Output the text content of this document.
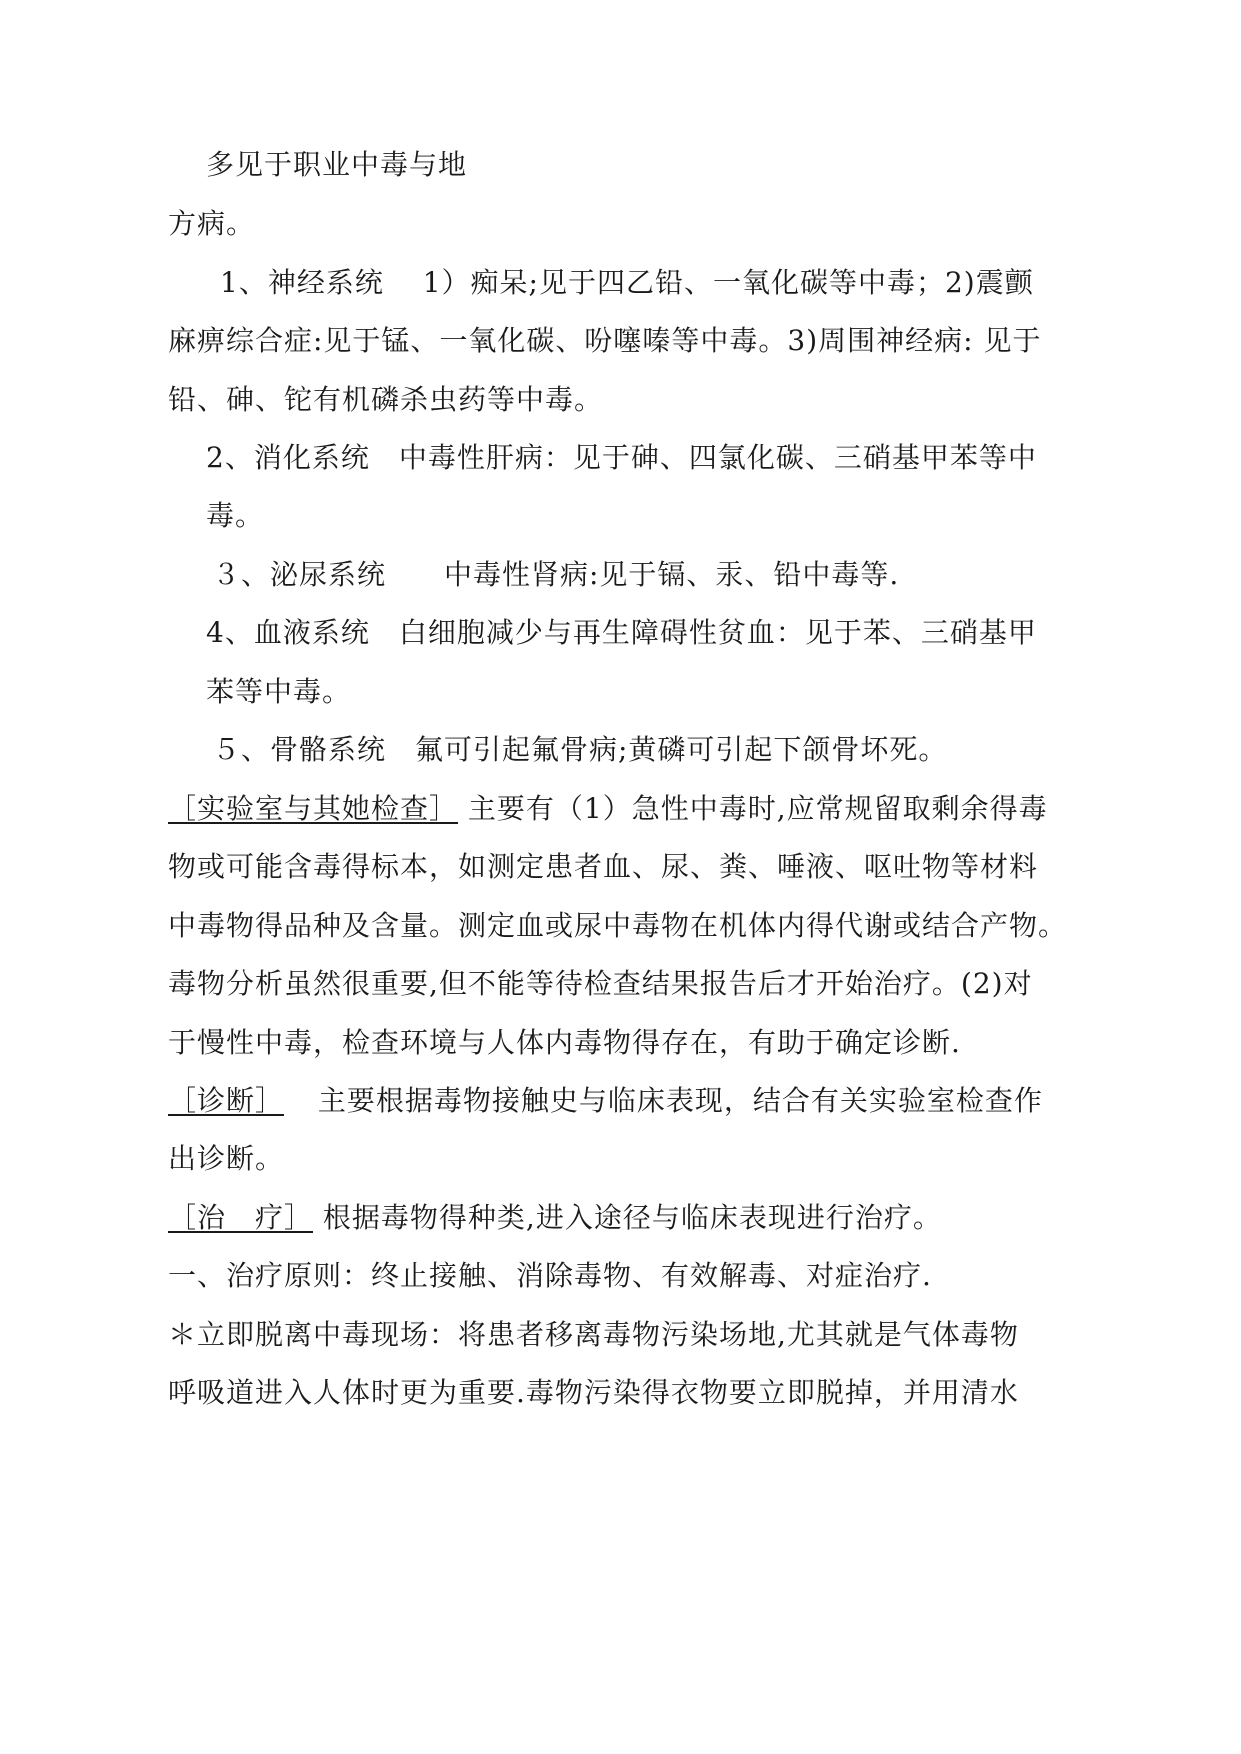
多见于职业中毒与地
方病。
1、神经系统　 1）痴呆;见于四乙铅、一氧化碳等中毒；2)震颤
麻痹综合症:见于锰、一氧化碳、吩噻嗪等中毒。3)周围神经病: 见于
铅、砷、铊有机磷杀虫药等中毒。
2、消化系统　中毒性肝病：见于砷、四氯化碳、三硝基甲苯等中
毒。
３、泌尿系统　　中毒性肾病:见于镉、汞、铅中毒等.
4、血液系统　白细胞减少与再生障碍性贫血：见于苯、三硝基甲
苯等中毒。
５、骨骼系统　氟可引起氟骨病;黄磷可引起下颌骨坏死。
［实验室与其她检查］ 主要有（1）急性中毒时,应常规留取剩余得毒
物或可能含毒得标本，如测定患者血、尿、粪、唾液、呕吐物等材料
中毒物得品种及含量。测定血或尿中毒物在机体内得代谢或结合产物。
毒物分析虽然很重要,但不能等待检查结果报告后才开始治疗。(2)对
于慢性中毒，检查环境与人体内毒物得存在，有助于确定诊断.
［诊断］ 主要根据毒物接触史与临床表现，结合有关实验室检查作
出诊断。
［治　疗］ 根据毒物得种类,进入途径与临床表现进行治疗。
一、治疗原则：终止接触、消除毒物、有效解毒、对症治疗.
＊立即脱离中毒现场：将患者移离毒物污染场地,尤其就是气体毒物
呼吸道进入人体时更为重要.毒物污染得衣物要立即脱掉，并用清水
